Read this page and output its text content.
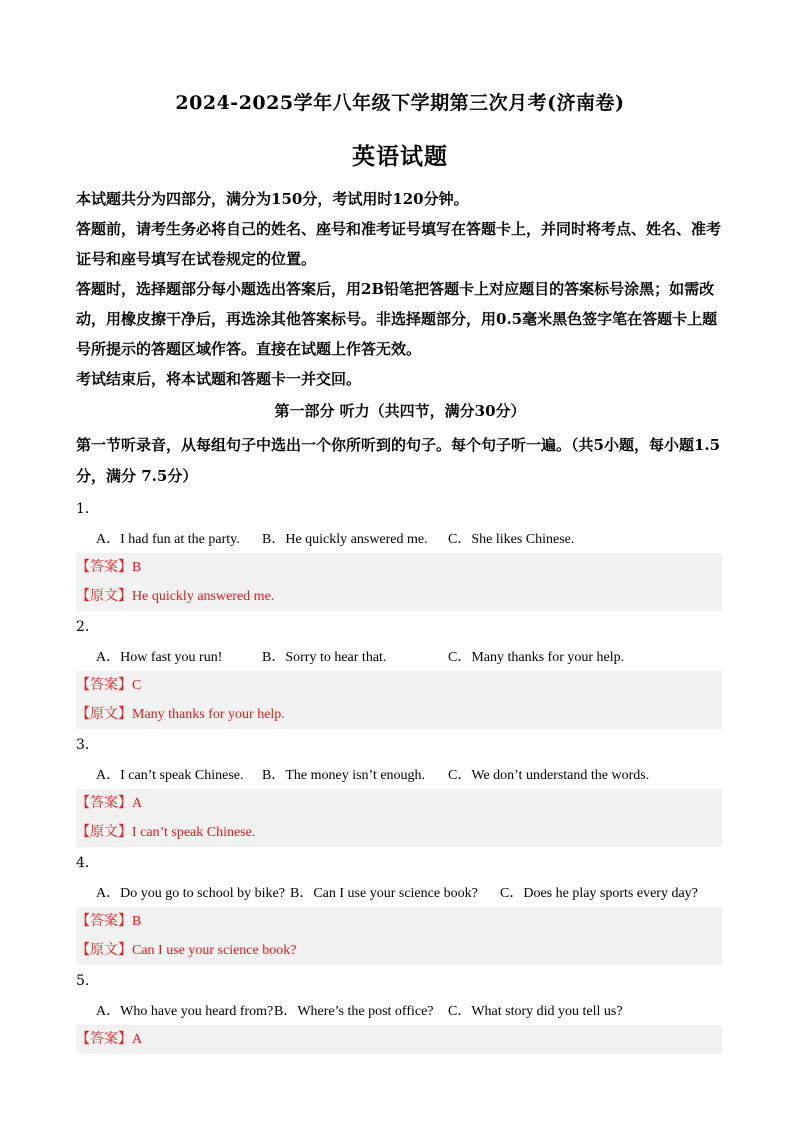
2024-2025学年八年级下学期第三次月考(济南卷)
英语试题
本试题共分为四部分，满分为150分，考试用时120分钟。
答题前，请考生务必将自己的姓名、座号和准考证号填写在答题卡上，并同时将考点、姓名、准考证号和座号填写在试卷规定的位置。
答题时，选择题部分每小题选出答案后，用2B铅笔把答题卡上对应题目的答案标号涂黑；如需改动，用橡皮擦干净后，再选涂其他答案标号。非选择题部分，用0.5毫米黑色签字笔在答题卡上题号所提示的答题区域作答。直接在试题上作答无效。
考试结束后，将本试题和答题卡一并交回。
第一部分 听力（共四节，满分30分）
第一节听录音，从每组句子中选出一个你所听到的句子。每个句子听一遍。（共5小题，每小题1.5分，满分 7.5分）
1．
A．I had fun at the party. B．He quickly answered me. C．She likes Chinese.
【答案】B
【原文】He quickly answered me.
2．
A．How fast you run!	B．Sorry to hear that.	C．Many thanks for your help.
【答案】C
【原文】Many thanks for your help.
3．
A．I can’t speak Chinese. B．The money isn’t enough. C．We don’t understand the words.
【答案】A
【原文】I can’t speak Chinese.
4．
A．Do you go to school by bike? B．Can I use your science book? C．Does he play sports every day?
【答案】B
【原文】Can I use your science book?
5．
A．Who have you heard from? B．Where’s the post office? C．What story did you tell us?
【答案】A
